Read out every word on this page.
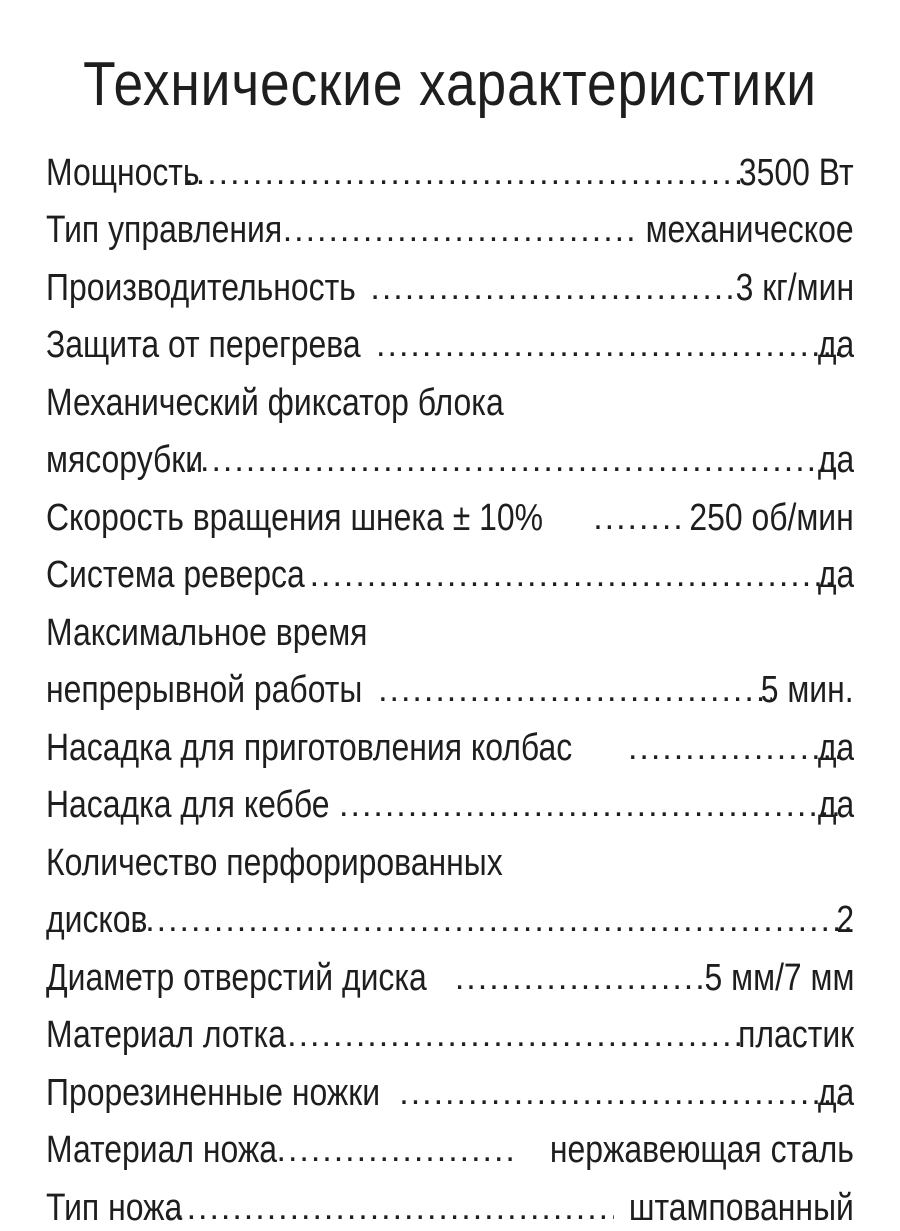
Технические характеристики
Мощность .....	3500 Вт
Тип управления .....	механическое
Производительность .....	3 кг/мин
Защита от перегрева .....	да
Механический фиксатор блока
мясорубки .....	да
Скорость вращения шнека ± 10% .....	250 об/мин
Система реверса .....	да
Максимальное время
непрерывной работы .....	5 мин.
Насадка для приготовления колбас .....	да
Насадка для кеббе .....	да
Количество перфорированных
дисков .....	2
Диаметр отверстий диска .....	5 мм/7 мм
Материал лотка .....	пластик
Прорезиненные ножки .....	да
Материал ножа .....	нержавеющая сталь
Тип ножа .....	штампованный
